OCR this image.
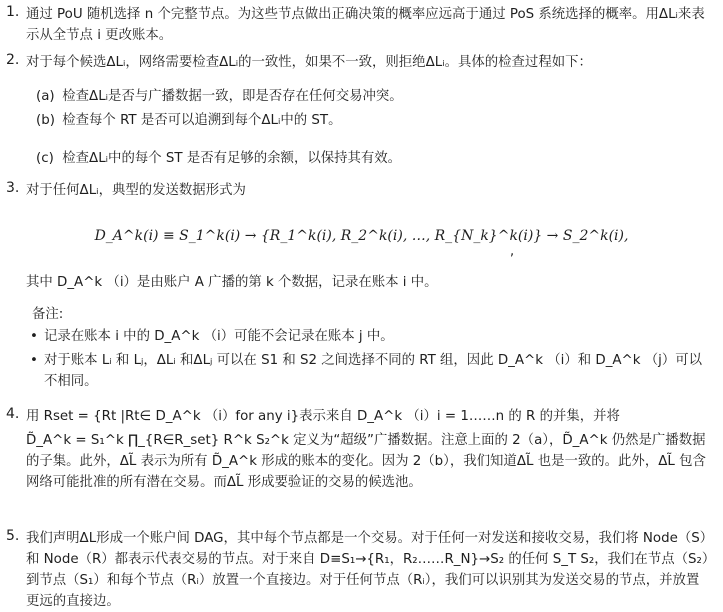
1. 通过 PoU 随机选择 n 个完整节点。为这些节点做出正确决策的概率应远高于通过 PoS 系统选择的概率。用ΔLᵢ来表示从全节点 i 更改账本。
2. 对于每个候选ΔLᵢ，网络需要检查ΔLᵢ的一致性，如果不一致，则拒绝ΔLᵢ。具体的检查过程如下：
(a) 检查ΔLᵢ是否与广播数据一致，即是否存在任何交易冲突。
(b) 检查每个 RT 是否可以追溯到每个ΔLᵢ中的 ST。
(c) 检查ΔLᵢ中的每个 ST 是否有足够的余额，以保持其有效。
3. 对于任何ΔLᵢ，典型的发送数据形式为
D_A^k(i) ≡ S_1^k(i) → {R_1^k(i), R_2^k(i), …, R_{N_k}^k(i)} → S_2^k(i),
,
其中 D_A^k （i）是由账户 A 广播的第 k 个数据，记录在账本 i 中。
备注:
• 记录在账本 i 中的 D_A^k （i）可能不会记录在账本 j 中。
• 对于账本 Lᵢ 和 Lⱼ，ΔLᵢ 和ΔLⱼ 可以在 S1 和 S2 之间选择不同的 RT 组，因此 D_A^k （i）和 D_A^k （j）可以不相同。
4. 用 Rset = {Rt |Rt∈ D_A^k （i）for any i}表示来自 D_A^k （i）i = 1……n 的 R 的并集，并将
D̃_A^k = S₁^k ∏_{R∈R_set} R^k S₂^k 定义为“超级”广播数据。注意上面的 2（a），D̃_A^k 仍然是广播数据的子集。此外，ΔL̃ 表示为所有 D̃_A^k 形成的账本的变化。因为 2（b），我们知道ΔL̃ 也是一致的。此外，ΔL̃ 包含网络可能批准的所有潜在交易。而ΔL̃ 形成要验证的交易的候选池。
5. 我们声明ΔL形成一个账户间 DAG，其中每个节点都是一个交易。对于任何一对发送和接收交易，我们将 Node（S）和 Node（R）都表示代表交易的节点。对于来自 D≡S₁→{R₁，R₂……R_N}→S₂ 的任何 S_T S₂，我们在节点（S₂）到节点（S₁）和每个节点（Rᵢ）放置一个直接边。对于任何节点（Rᵢ），我们可以识别其为发送交易的节点，并放置更远的直接边。
